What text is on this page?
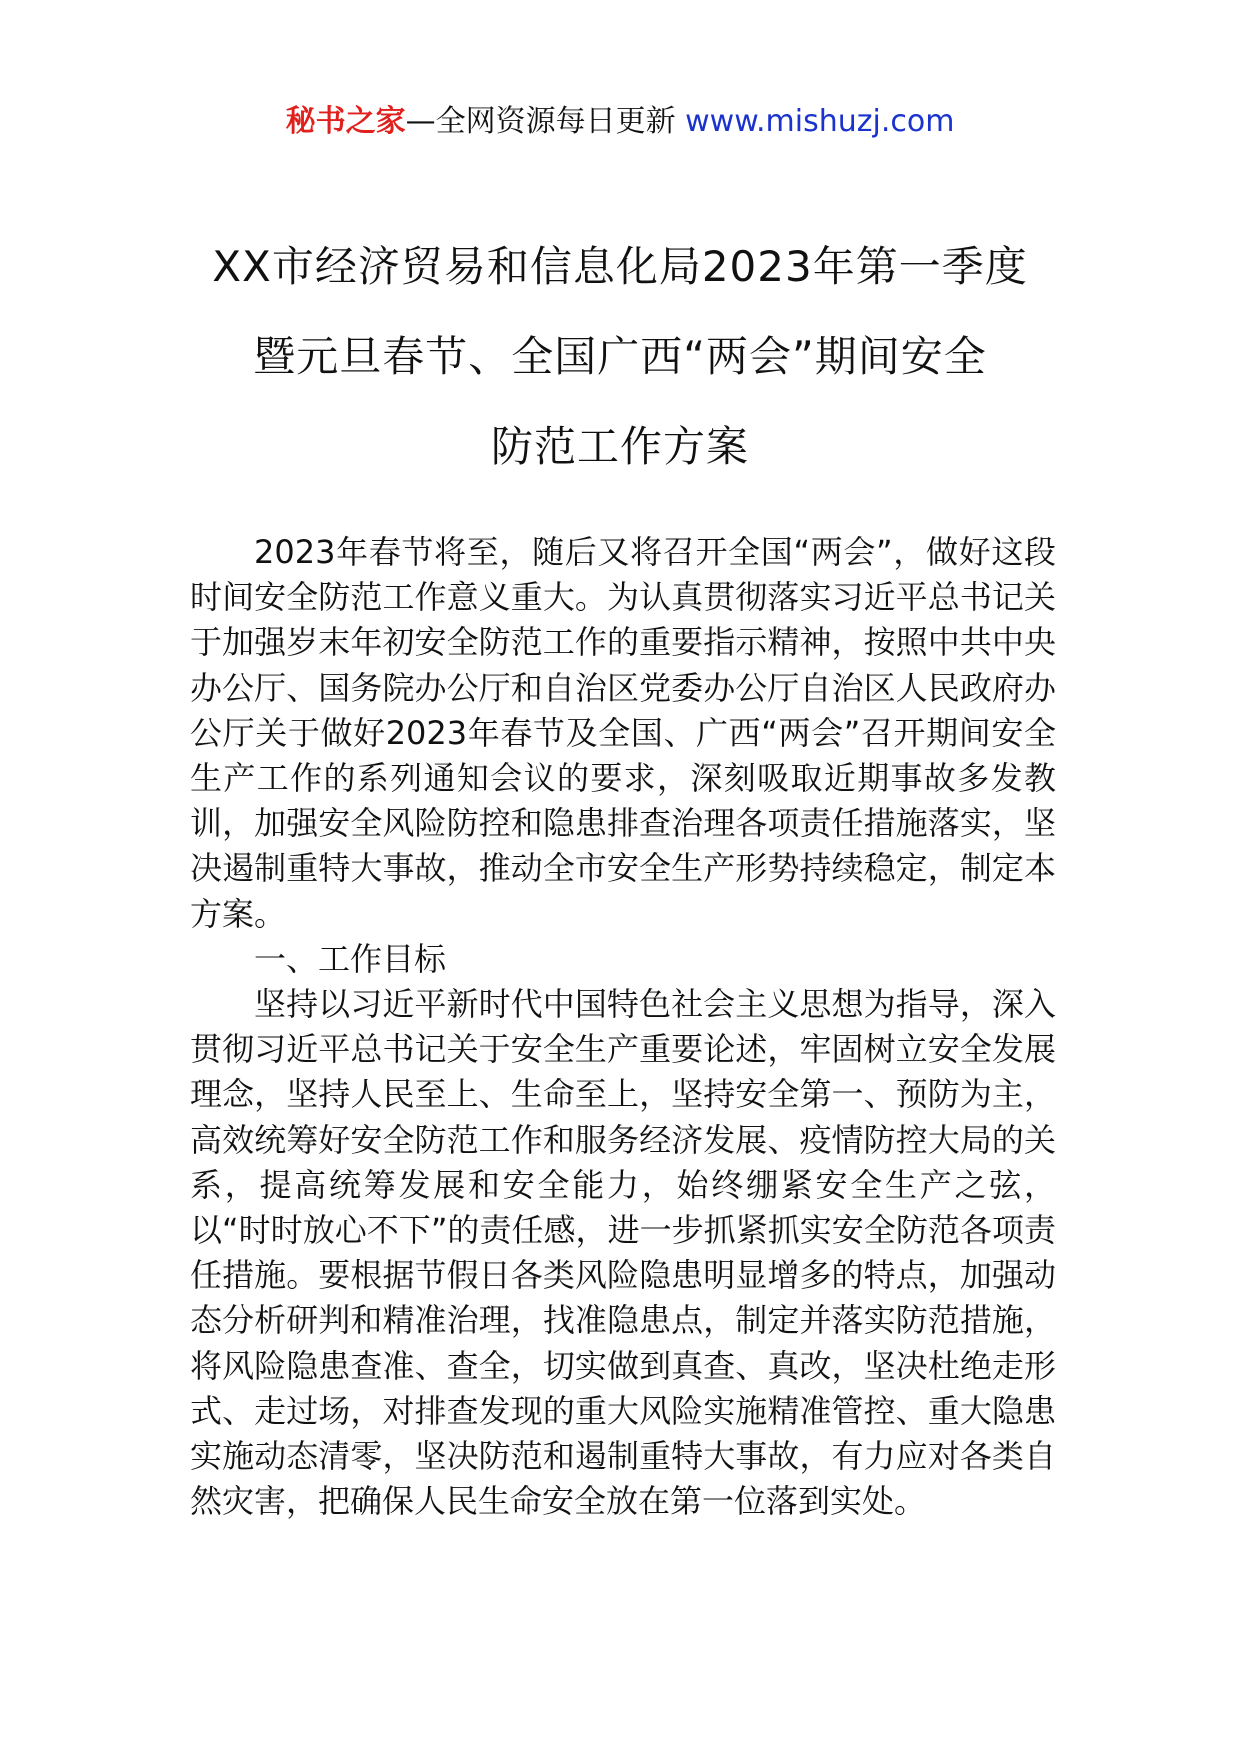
秘书之家—全网资源每日更新 www.mishuzj.com
XX市经济贸易和信息化局2023年第一季度
暨元旦春节、全国广西“两会”期间安全
防范工作方案

2023年春节将至，随后又将召开全国“两会”，做好这段时间安全防范工作意义重大。为认真贯彻落实习近平总书记关于加强岁末年初安全防范工作的重要指示精神，按照中共中央办公厅、国务院办公厅和自治区党委办公厅自治区人民政府办公厅关于做好2023年春节及全国、广西“两会”召开期间安全生产工作的系列通知会议的要求，深刻吸取近期事故多发教训，加强安全风险防控和隐患排查治理各项责任措施落实，坚决遏制重特大事故，推动全市安全生产形势持续稳定，制定本方案。

一、工作目标

坚持以习近平新时代中国特色社会主义思想为指导，深入贯彻习近平总书记关于安全生产重要论述，牢固树立安全发展理念，坚持人民至上、生命至上，坚持安全第一、预防为主，高效统筹好安全防范工作和服务经济发展、疫情防控大局的关系，提高统筹发展和安全能力，始终绷紧安全生产之弦，以“时时放心不下”的责任感，进一步抓紧抓实安全防范各项责任措施。要根据节假日各类风险隐患明显增多的特点，加强动态分析研判和精准治理，找准隐患点，制定并落实防范措施，将风险隐患查准、查全，切实做到真查、真改，坚决杜绝走形式、走过场，对排查发现的重大风险实施精准管控、重大隐患实施动态清零，坚决防范和遏制重特大事故，有力应对各类自然灾害，把确保人民生命安全放在第一位落到实处。
